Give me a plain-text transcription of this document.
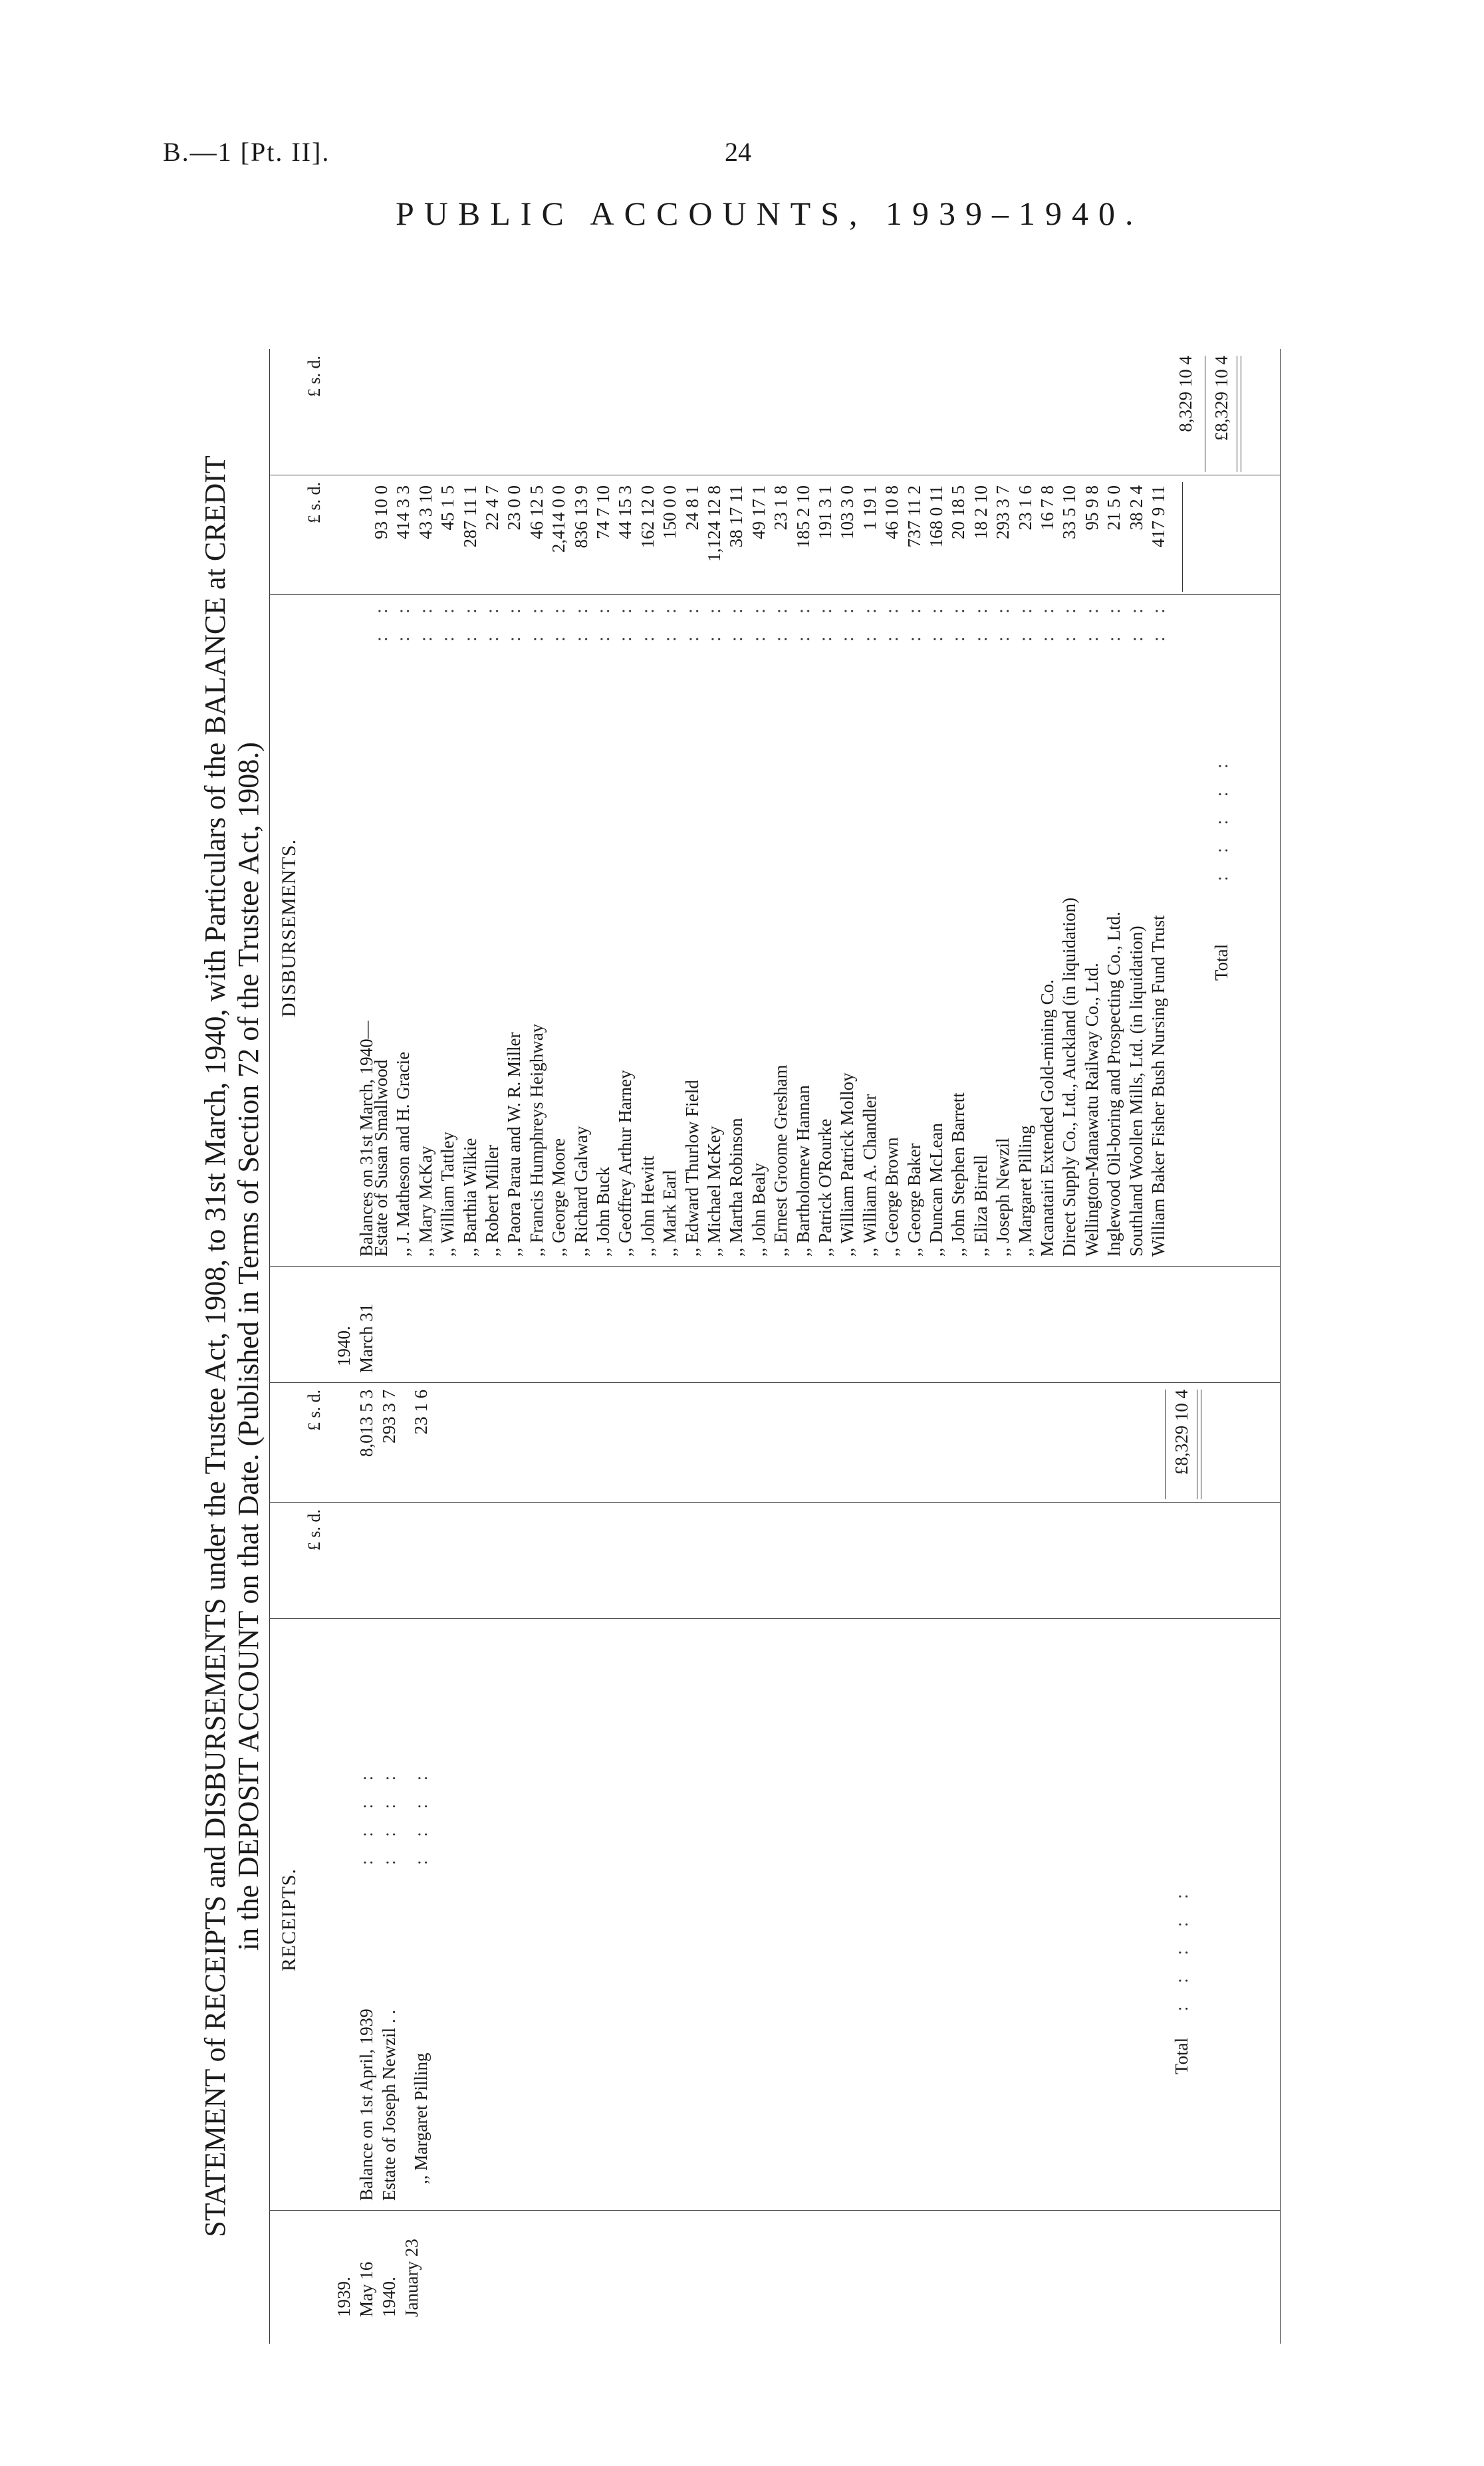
B.—1 [Pt. II].	24
PUBLIC ACCOUNTS, 1939–1940.
STATEMENT of RECEIPTS and DISBURSEMENTS under the Trustee Act, 1908, to 31st March, 1940, with Particulars of the BALANCE at CREDIT in the DEPOSIT ACCOUNT on that Date. (Published in Terms of Section 72 of the Trustee Act, 1908.) RECEIPTS.
£ s. d.
£ s. d.
1939. May 16
Balance on 1st April, 1939
: : : :
8,013 5 3
Estate of Joseph Newzil . .
: : : :
293 3 7
1940. January 23
,, Margaret Pilling
: : : :
23 1 6
Total
: : : : :
£8,329 10 4
DISBURSEMENTS.
£ s. d.
£ s. d.
1940. March 31
Balances on 31st March, 1940—
Estate of Susan Smallwood
: :
93 10 0
,, J. Matheson and H. Gracie
: :
414 3 3
,, Mary McKay
: :
43 3 10
,, William Tattley
: :
45 1 5
,, Barthia Wilkie
: :
287 11 1
,, Robert Miller
: :
22 4 7
,, Paora Parau and W. R. Miller
: :
23 0 0
,, Francis Humphreys Heighway
: :
46 12 5
,, George Moore
: :
2,414 0 0
,, Richard Galway
: :
836 13 9
,, John Buck
: :
74 7 10
,, Geoffrey Arthur Harney
: :
44 15 3
,, John Hewitt
: :
162 12 0
,, Mark Earl
: :
150 0 0
,, Edward Thurlow Field
: :
24 8 1
,, Michael McKey
: :
1,124 12 8
,, Martha Robinson
: :
38 17 11
,, John Bealy
: :
49 17 1
,, Ernest Groome Gresham
: :
23 1 8
,, Bartholomew Hannan
: :
185 2 10
,, Patrick O'Rourke
: :
191 3 1
,, William Patrick Molloy
: :
103 3 0
,, William A. Chandler
: :
1 19 1
,, George Brown
: :
46 10 8
,, George Baker
: :
737 11 2
,, Duncan McLean
: :
168 0 11
,, John Stephen Barrett
: :
20 18 5
,, Eliza Birrell
: :
18 2 10
,, Joseph Newzil
: :
293 3 7
,, Margaret Pilling
: :
23 1 6
Mcanatairi Extended Gold-mining Co.
: :
16 7 8
Direct Supply Co., Ltd., Auckland (in liquidation)
: :
33 5 10
Wellington-Manawatu Railway Co., Ltd.
: :
95 9 8
Inglewood Oil-boring and Prospecting Co., Ltd.
: :
21 5 0
Southland Woollen Mills, Ltd. (in liquidation)
: :
38 2 4
William Baker Fisher Bush Nursing Fund Trust
: :
417 9 11
8,329 10 4
Total
: : : : :
£8,329 10 4
